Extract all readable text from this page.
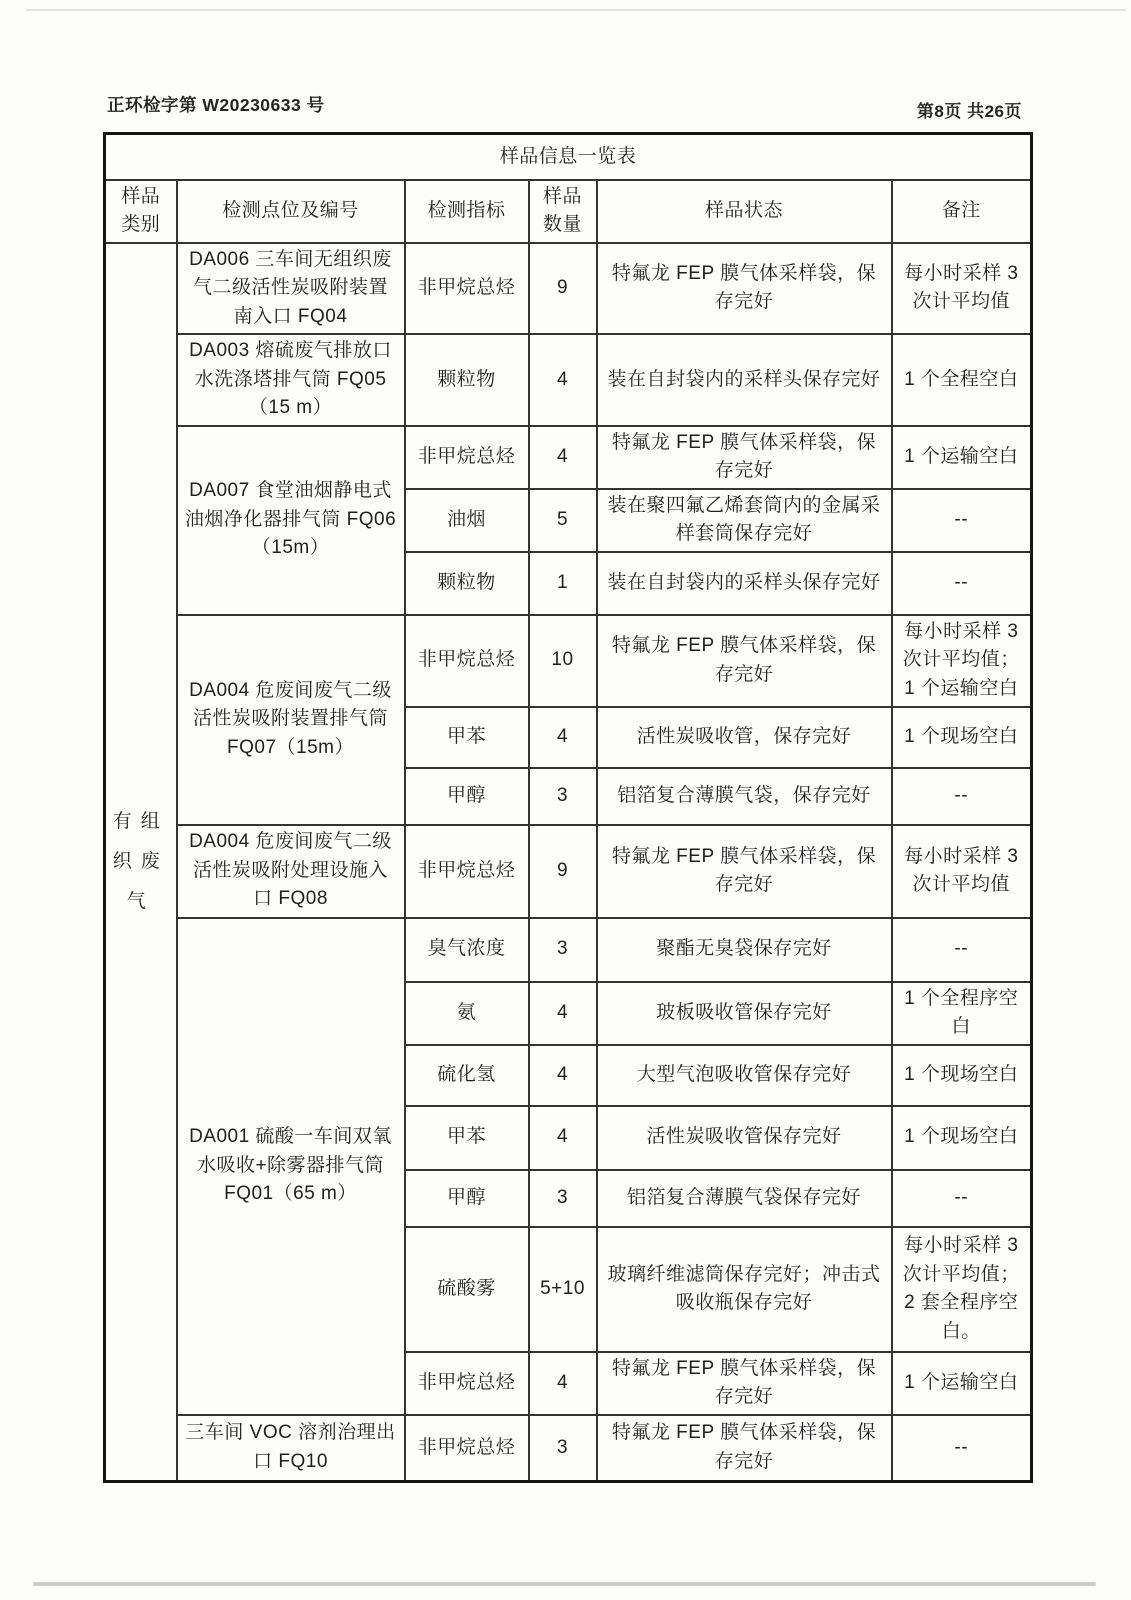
正环检字第 W20230633 号	第8页 共26页
样品信息一览表					
样品类别	检测点位及编号	检测指标	样品数量	样品状态	备注

有组织废气	DA006 三车间无组织废气二级活性炭吸附装置南入口 FQ04	非甲烷总烃	9	特氟龙 FEP 膜气体采样袋，保存完好	每小时采样 3 次计平均值
	DA003 熔硫废气排放口水洗涤塔排气筒 FQ05（15 m）	颗粒物	4	装在自封袋内的采样头保存完好	1 个全程空白
	DA007 食堂油烟静电式油烟净化器排气筒 FQ06（15m）	非甲烷总烃	4	特氟龙 FEP 膜气体采样袋，保存完好	1 个运输空白
		油烟	5	装在聚四氟乙烯套筒内的金属采样套筒保存完好	--
		颗粒物	1	装在自封袋内的采样头保存完好	--
	DA004 危废间废气二级活性炭吸附装置排气筒 FQ07（15m）	非甲烷总烃	10	特氟龙 FEP 膜气体采样袋，保存完好	每小时采样 3 次计平均值；1 个运输空白
		甲苯	4	活性炭吸收管，保存完好	1 个现场空白
		甲醇	3	铝箔复合薄膜气袋，保存完好	--
	DA004 危废间废气二级活性炭吸附处理设施入口 FQ08	非甲烷总烃	9	特氟龙 FEP 膜气体采样袋，保存完好	每小时采样 3 次计平均值
	DA001 硫酸一车间双氧水吸收+除雾器排气筒 FQ01（65 m）	臭气浓度	3	聚酯无臭袋保存完好	--
		氨	4	玻板吸收管保存完好	1 个全程序空白
		硫化氢	4	大型气泡吸收管保存完好	1 个现场空白
		甲苯	4	活性炭吸收管保存完好	1 个现场空白
		甲醇	3	铝箔复合薄膜气袋保存完好	--
		硫酸雾	5+10	玻璃纤维滤筒保存完好；冲击式吸收瓶保存完好	每小时采样 3 次计平均值；2 套全程序空白。
		非甲烷总烃	4	特氟龙 FEP 膜气体采样袋，保存完好	1 个运输空白
	三车间 VOC 溶剂治理出口 FQ10	非甲烷总烃	3	特氟龙 FEP 膜气体采样袋，保存完好	--
